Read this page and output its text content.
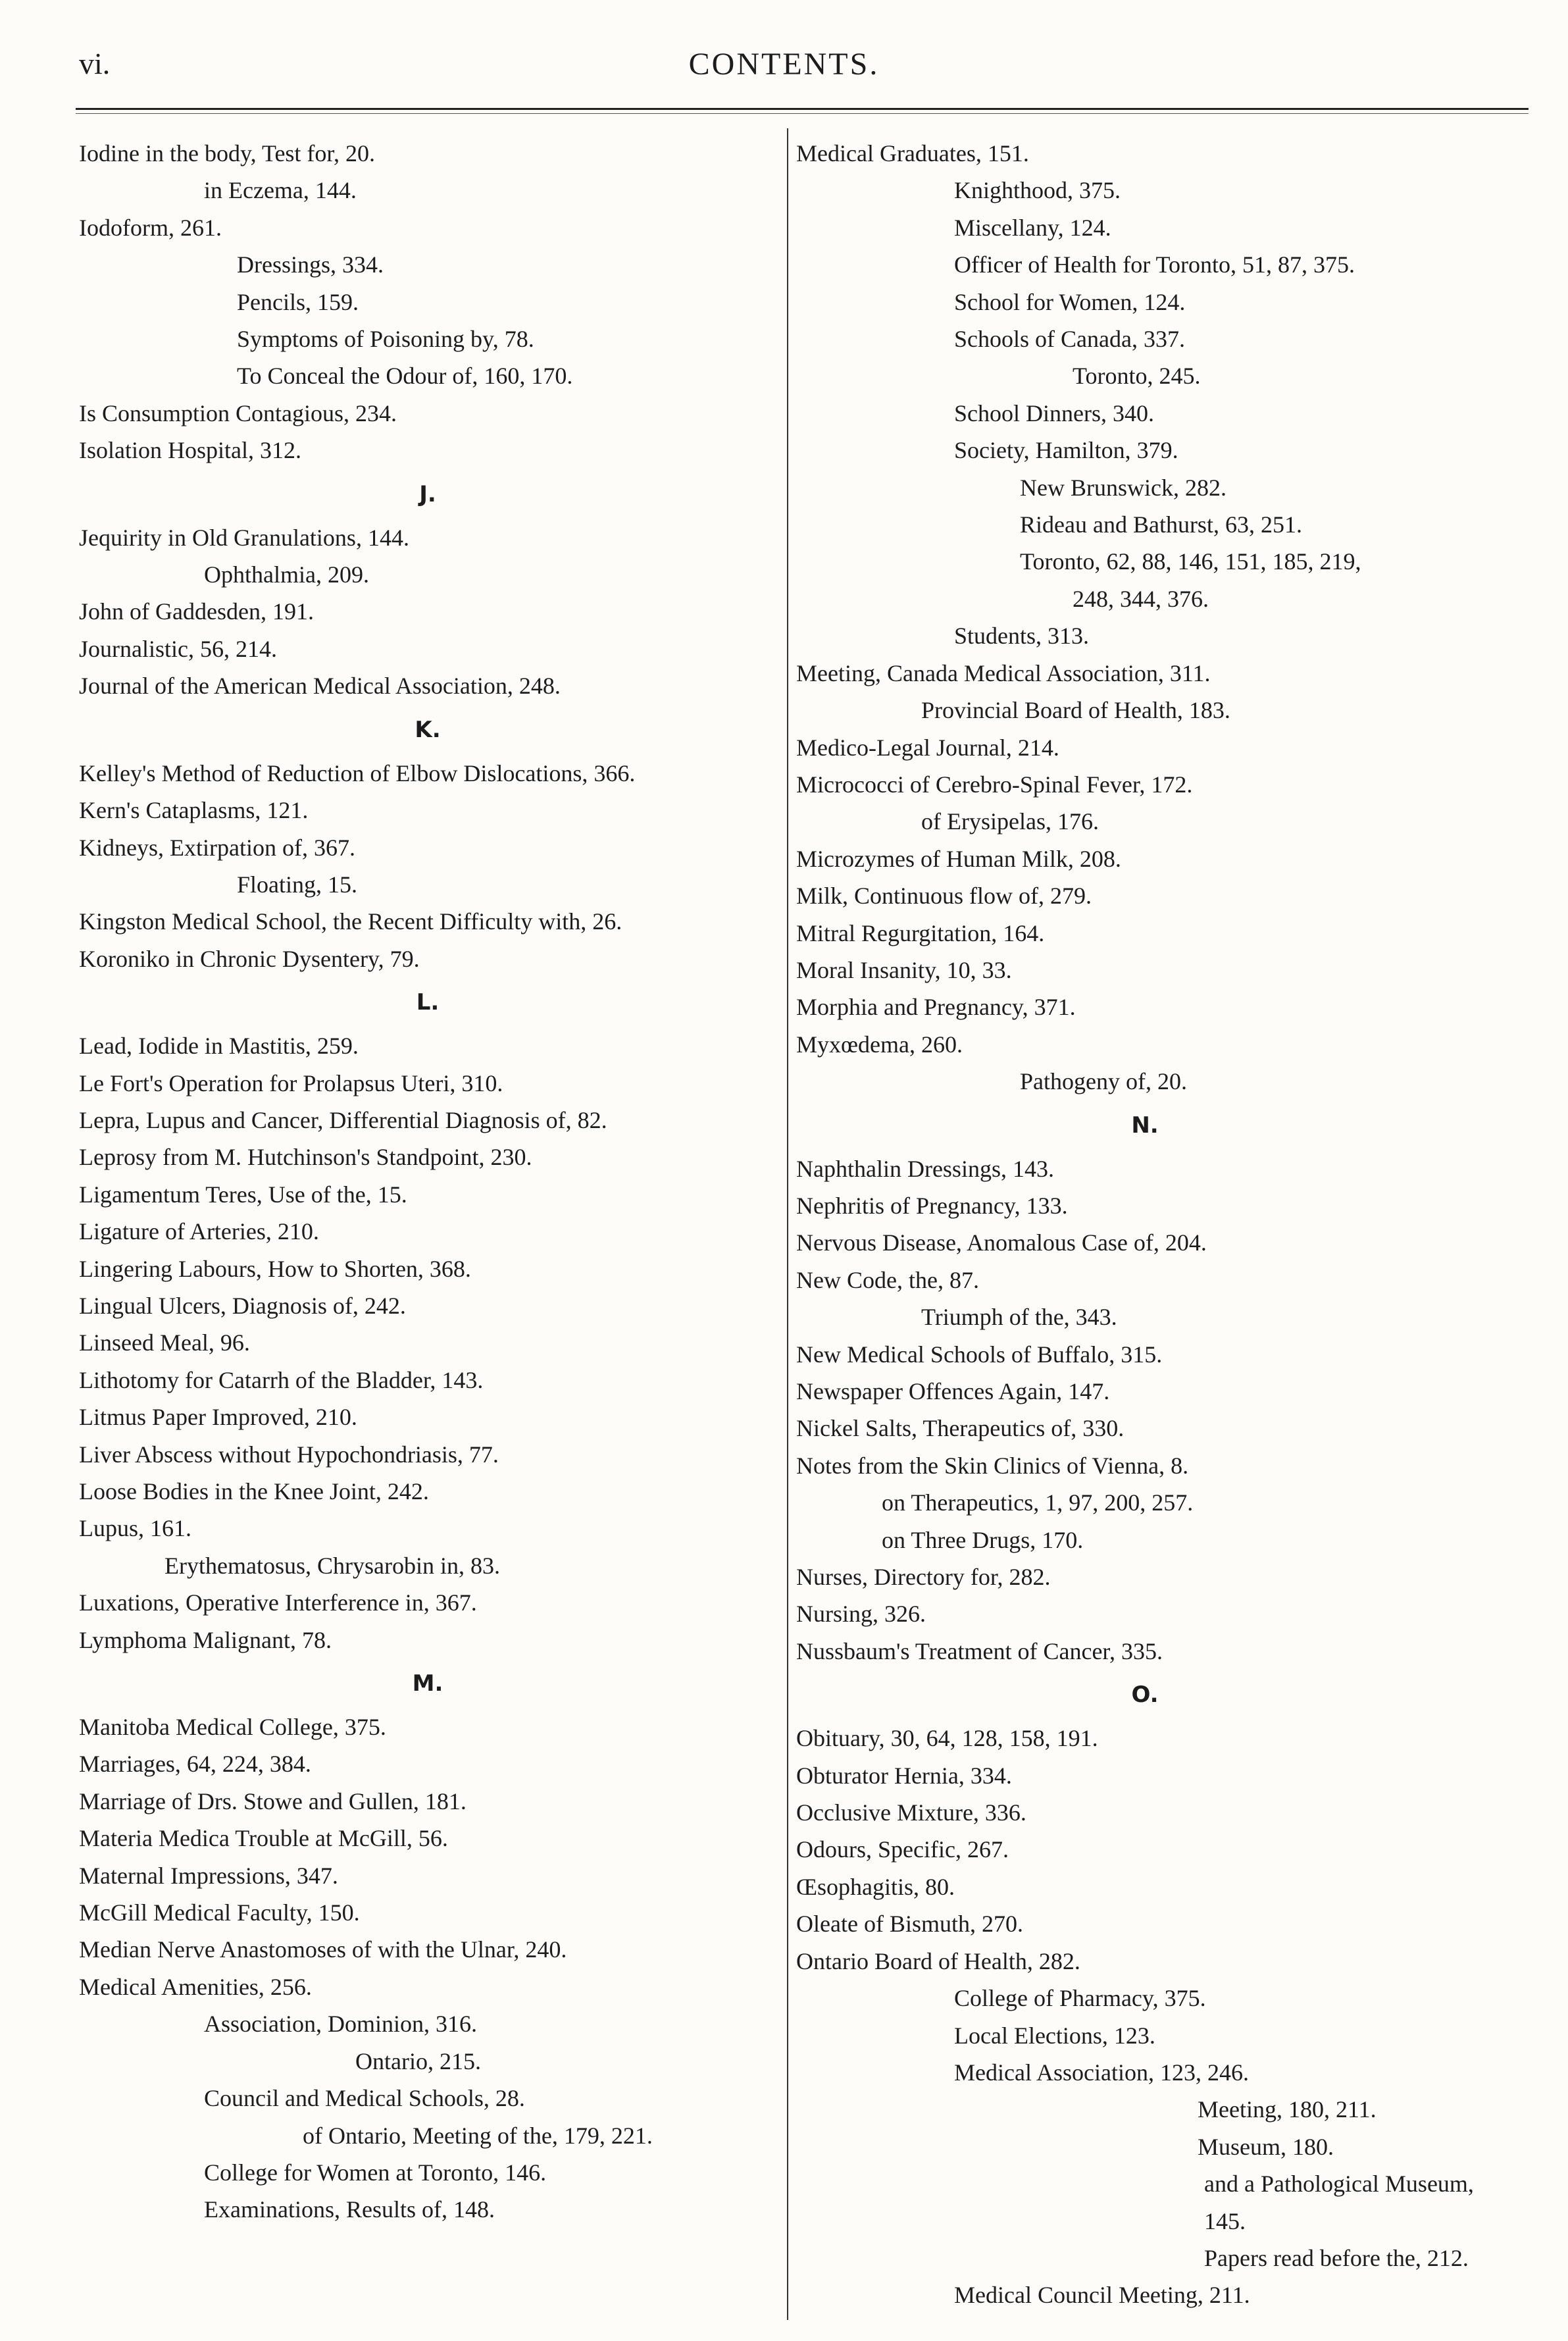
vi.	CONTENTS.
Iodine in the body, Test for, 20.
in Eczema, 144.
Iodoform, 261.
Dressings, 334.
Pencils, 159.
Symptoms of Poisoning by, 78.
To Conceal the Odour of, 160, 170.
Is Consumption Contagious, 234.
Isolation Hospital, 312.
J.
Jequirity in Old Granulations, 144.
Ophthalmia, 209.
John of Gaddesden, 191.
Journalistic, 56, 214.
Journal of the American Medical Association, 248.
K.
Kelley's Method of Reduction of Elbow Dislocations, 366.
Kern's Cataplasms, 121.
Kidneys, Extirpation of, 367.
Floating, 15.
Kingston Medical School, the Recent Difficulty with, 26.
Koroniko in Chronic Dysentery, 79.
L.
Lead, Iodide in Mastitis, 259.
Le Fort's Operation for Prolapsus Uteri, 310.
Lepra, Lupus and Cancer, Differential Diagnosis of, 82.
Leprosy from M. Hutchinson's Standpoint, 230.
Ligamentum Teres, Use of the, 15.
Ligature of Arteries, 210.
Lingering Labours, How to Shorten, 368.
Lingual Ulcers, Diagnosis of, 242.
Linseed Meal, 96.
Lithotomy for Catarrh of the Bladder, 143.
Litmus Paper Improved, 210.
Liver Abscess without Hypochondriasis, 77.
Loose Bodies in the Knee Joint, 242.
Lupus, 161.
Erythematosus, Chrysarobin in, 83.
Luxations, Operative Interference in, 367.
Lymphoma Malignant, 78.
M.
Manitoba Medical College, 375.
Marriages, 64, 224, 384.
Marriage of Drs. Stowe and Gullen, 181.
Materia Medica Trouble at McGill, 56.
Maternal Impressions, 347.
McGill Medical Faculty, 150.
Median Nerve Anastomoses of with the Ulnar, 240.
Medical Amenities, 256.
Association, Dominion, 316.
Ontario, 215.
Council and Medical Schools, 28.
of Ontario, Meeting of the, 179, 221.
College for Women at Toronto, 146.
Examinations, Results of, 148.
Medical Graduates, 151.
Knighthood, 375.
Miscellany, 124.
Officer of Health for Toronto, 51, 87, 375.
School for Women, 124.
Schools of Canada, 337.
Toronto, 245.
School Dinners, 340.
Society, Hamilton, 379.
New Brunswick, 282.
Rideau and Bathurst, 63, 251.
Toronto, 62, 88, 146, 151, 185, 219,
248, 344, 376.
Students, 313.
Meeting, Canada Medical Association, 311.
Provincial Board of Health, 183.
Medico-Legal Journal, 214.
Micrococci of Cerebro-Spinal Fever, 172.
of Erysipelas, 176.
Microzymes of Human Milk, 208.
Milk, Continuous flow of, 279.
Mitral Regurgitation, 164.
Moral Insanity, 10, 33.
Morphia and Pregnancy, 371.
Myxœdema, 260.
Pathogeny of, 20.
N.
Naphthalin Dressings, 143.
Nephritis of Pregnancy, 133.
Nervous Disease, Anomalous Case of, 204.
New Code, the, 87.
Triumph of the, 343.
New Medical Schools of Buffalo, 315.
Newspaper Offences Again, 147.
Nickel Salts, Therapeutics of, 330.
Notes from the Skin Clinics of Vienna, 8.
on Therapeutics, 1, 97, 200, 257.
on Three Drugs, 170.
Nurses, Directory for, 282.
Nursing, 326.
Nussbaum's Treatment of Cancer, 335.
O.
Obituary, 30, 64, 128, 158, 191.
Obturator Hernia, 334.
Occlusive Mixture, 336.
Odours, Specific, 267.
Œsophagitis, 80.
Oleate of Bismuth, 270.
Ontario Board of Health, 282.
College of Pharmacy, 375.
Local Elections, 123.
Medical Association, 123, 246.
Meeting, 180, 211.
Museum, 180.
and a Pathological Museum, 145.
Papers read before the, 212.
Medical Council Meeting, 211.
